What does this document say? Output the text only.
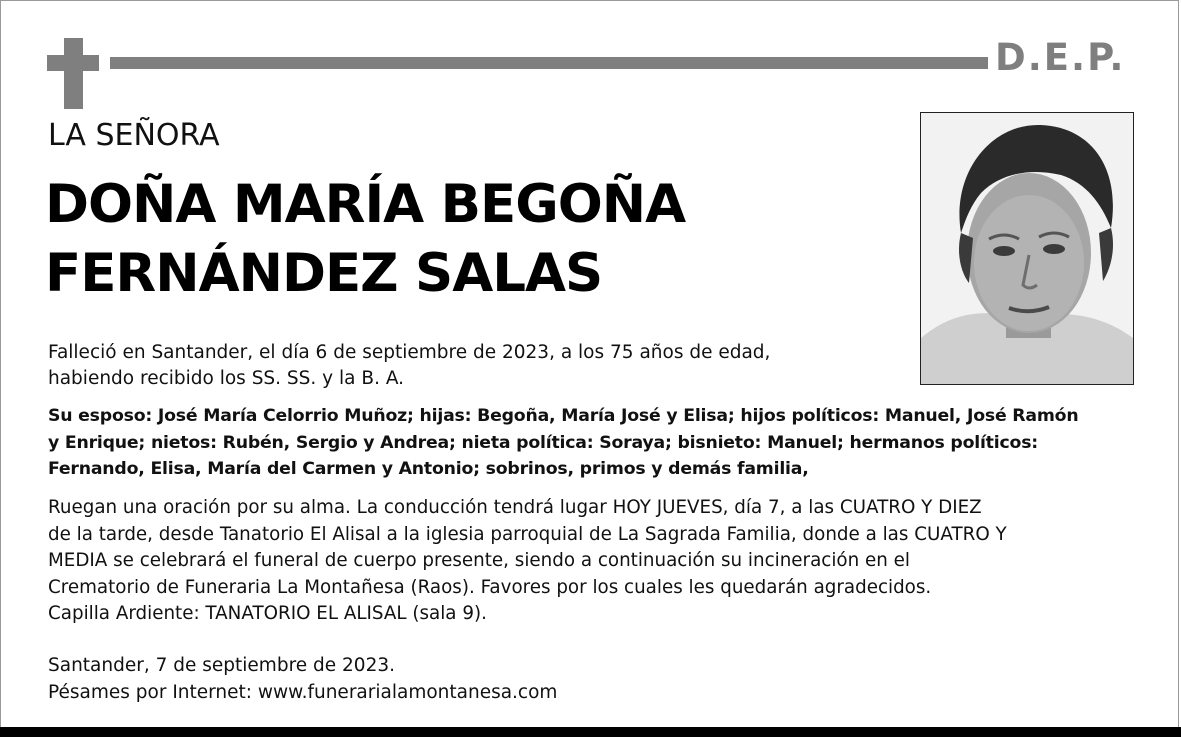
D.E.P.
LA SEÑORA
DOÑA MARÍA BEGOÑA
FERNÁNDEZ SALAS
Falleció en Santander, el día 6 de septiembre de 2023, a los 75 años de edad,
habiendo recibido los SS. SS. y la B. A.
Su esposo: José María Celorrio Muñoz; hijas: Begoña, María José y Elisa; hijos políticos: Manuel, José Ramón
y Enrique; nietos: Rubén, Sergio y Andrea; nieta política: Soraya; bisnieto: Manuel; hermanos políticos:
Fernando, Elisa, María del Carmen y Antonio; sobrinos, primos y demás familia,
Ruegan una oración por su alma. La conducción tendrá lugar HOY JUEVES, día 7, a las CUATRO Y DIEZ
de la tarde, desde Tanatorio El Alisal a la iglesia parroquial de La Sagrada Familia, donde a las CUATRO Y
MEDIA se celebrará el funeral de cuerpo presente, siendo a continuación su incineración en el
Crematorio de Funeraria La Montañesa (Raos). Favores por los cuales les quedarán agradecidos.
Capilla Ardiente: TANATORIO EL ALISAL (sala 9).
Santander, 7 de septiembre de 2023.
Pésames por Internet: www.funerarialamontanesa.com
